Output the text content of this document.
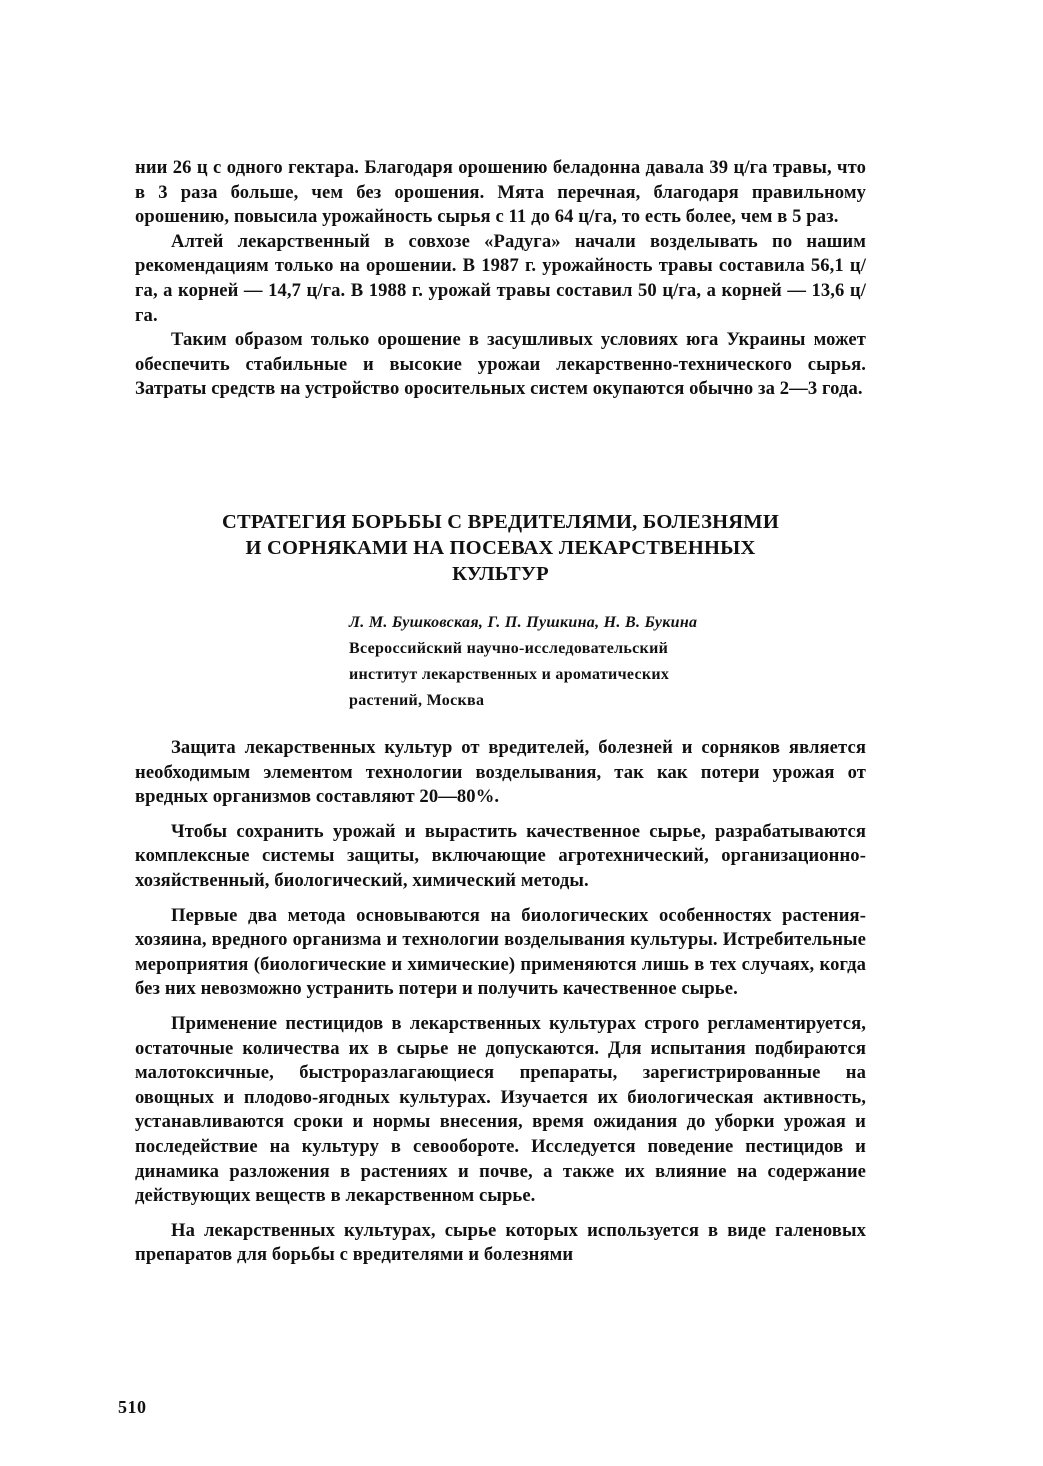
нии 26 ц с одного гектара. Благодаря орошению беладонна давала 39 ц/га травы, что в 3 раза больше, чем без орошения. Мята перечная, благодаря правильному орошению, повысила урожайность сырья с 11 до 64 ц/га, то есть более, чем в 5 раз.

Алтей лекарственный в совхозе «Радуга» начали возделывать по нашим рекомендациям только на орошении. В 1987 г. урожайность травы составила 56,1 ц/га, а корней — 14,7 ц/га. В 1988 г. урожай травы составил 50 ц/га, а корней — 13,6 ц/га.

Таким образом только орошение в засушливых условиях юга Украины может обеспечить стабильные и высокие урожаи лекарственно-технического сырья. Затраты средств на устройство оросительных систем окупаются обычно за 2—3 года.

СТРАТЕГИЯ БОРЬБЫ С ВРЕДИТЕЛЯМИ, БОЛЕЗНЯМИ
И СОРНЯКАМИ НА ПОСЕВАХ ЛЕКАРСТВЕННЫХ
КУЛЬТУР
Л. М. Бушковская, Г. П. Пушкина, Н. В. Букина
Всероссийский научно-исследовательский
институт лекарственных и ароматических
растений, Москва

Защита лекарственных культур от вредителей, болезней и сорняков является необходимым элементом технологии возделывания, так как потери урожая от вредных организмов составляют 20—80%.

Чтобы сохранить урожай и вырастить качественное сырье, разрабатываются комплексные системы защиты, включающие агротехнический, организационно-хозяйственный, биологический, химический методы.

Первые два метода основываются на биологических особенностях растения-хозяина, вредного организма и технологии возделывания культуры. Истребительные мероприятия (биологические и химические) применяются лишь в тех случаях, когда без них невозможно устранить потери и получить качественное сырье.

Применение пестицидов в лекарственных культурах строго регламентируется, остаточные количества их в сырье не допускаются. Для испытания подбираются малотоксичные, быстроразлагающиеся препараты, зарегистрированные на овощных и плодово-ягодных культурах. Изучается их биологическая активность, устанавливаются сроки и нормы внесения, время ожидания до уборки урожая и последействие на культуру в севообороте. Исследуется поведение пестицидов и динамика разложения в растениях и почве, а также их влияние на содержание действующих веществ в лекарственном сырье.

На лекарственных культурах, сырье которых используется в виде галеновых препаратов для борьбы с вредителями и болезнями

510
